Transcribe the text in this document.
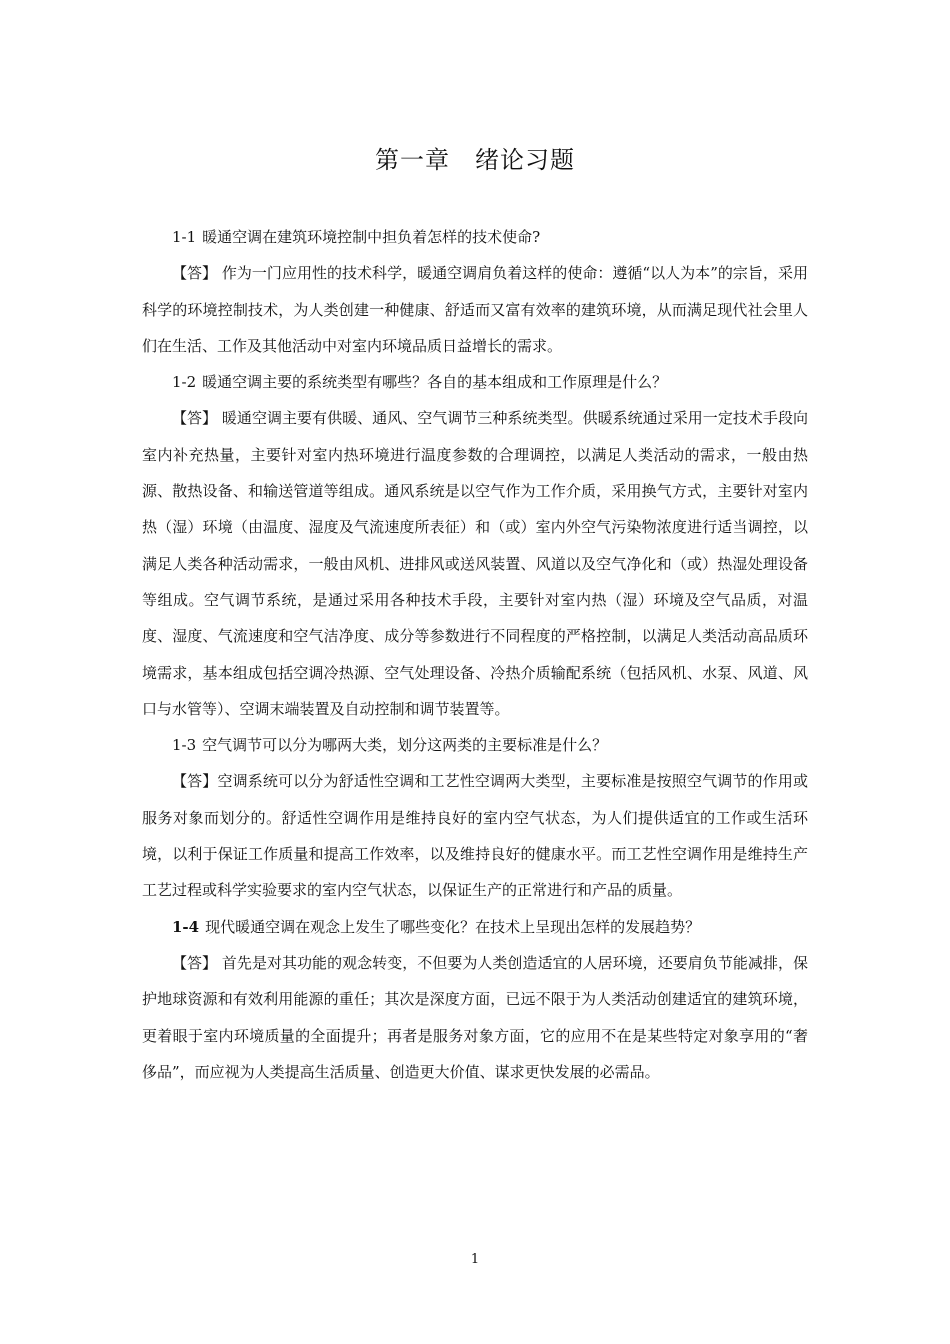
第一章　绪论习题

1-1 暖通空调在建筑环境控制中担负着怎样的技术使命?

【答】 作为一门应用性的技术科学，暖通空调肩负着这样的使命：遵循“以人为本”的宗旨，采用科学的环境控制技术，为人类创建一种健康、舒适而又富有效率的建筑环境，从而满足现代社会里人们在生活、工作及其他活动中对室内环境品质日益增长的需求。

1-2 暖通空调主要的系统类型有哪些？各自的基本组成和工作原理是什么？

【答】 暖通空调主要有供暖、通风、空气调节三种系统类型。供暖系统通过采用一定技术手段向室内补充热量，主要针对室内热环境进行温度参数的合理调控，以满足人类活动的需求，一般由热源、散热设备、和输送管道等组成。通风系统是以空气作为工作介质，采用换气方式，主要针对室内热（湿）环境（由温度、湿度及气流速度所表征）和（或）室内外空气污染物浓度进行适当调控，以满足人类各种活动需求，一般由风机、进排风或送风装置、风道以及空气净化和（或）热湿处理设备等组成。空气调节系统，是通过采用各种技术手段，主要针对室内热（湿）环境及空气品质，对温度、湿度、气流速度和空气洁净度、成分等参数进行不同程度的严格控制，以满足人类活动高品质环境需求，基本组成包括空调冷热源、空气处理设备、冷热介质输配系统（包括风机、水泵、风道、风口与水管等）、空调末端装置及自动控制和调节装置等。

1-3 空气调节可以分为哪两大类，划分这两类的主要标准是什么？

【答】空调系统可以分为舒适性空调和工艺性空调两大类型，主要标准是按照空气调节的作用或服务对象而划分的。舒适性空调作用是维持良好的室内空气状态，为人们提供适宜的工作或生活环境，以利于保证工作质量和提高工作效率，以及维持良好的健康水平。而工艺性空调作用是维持生产工艺过程或科学实验要求的室内空气状态，以保证生产的正常进行和产品的质量。

1-4 现代暖通空调在观念上发生了哪些变化？在技术上呈现出怎样的发展趋势？

【答】 首先是对其功能的观念转变，不但要为人类创造适宜的人居环境，还要肩负节能减排，保护地球资源和有效利用能源的重任；其次是深度方面，已远不限于为人类活动创建适宜的建筑环境，更着眼于室内环境质量的全面提升；再者是服务对象方面，它的应用不在是某些特定对象享用的“奢侈品”，而应视为人类提高生活质量、创造更大价值、谋求更快发展的必需品。

1
